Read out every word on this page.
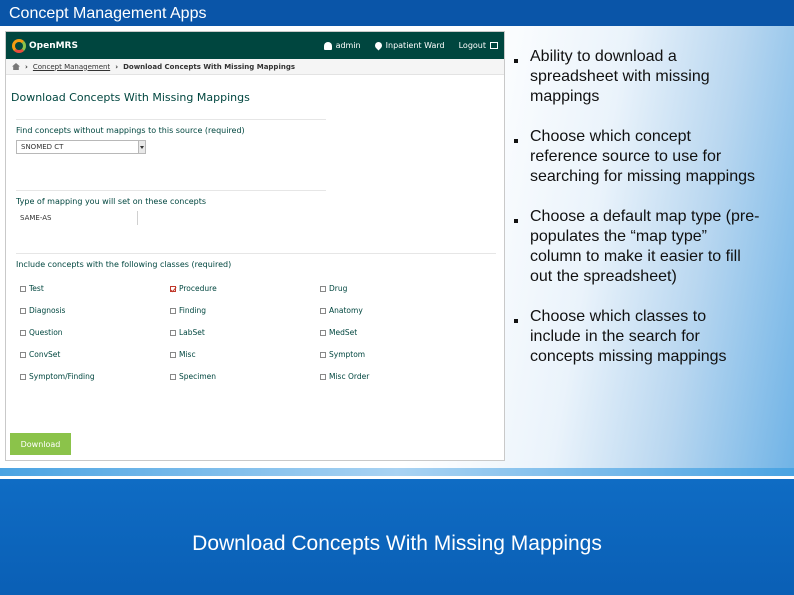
Concept Management Apps
Download Concepts With Missing Mappings
OpenMRS	admin	Inpatient Ward Logout
› Concept Management › Download Concepts With Missing Mappings
Download Concepts With Missing Mappings
Find concepts without mappings to this source (required)
SNOMED CT
Type of mapping you will set on these concepts
SAME-AS
Include concepts with the following classes (required)
Test	Procedure	Drug
Diagnosis	Finding	Anatomy
Question	LabSet	MedSet
ConvSet	Misc	Symptom
Symptom/Finding	Specimen	Misc Order
Download
Ability to download a spreadsheet with missing mappings
Choose which concept reference source to use for searching for missing mappings
Choose a default map type (pre-populates the “map type” column to make it easier to fill out the spreadsheet)
Choose which classes to include in the search for concepts missing mappings
